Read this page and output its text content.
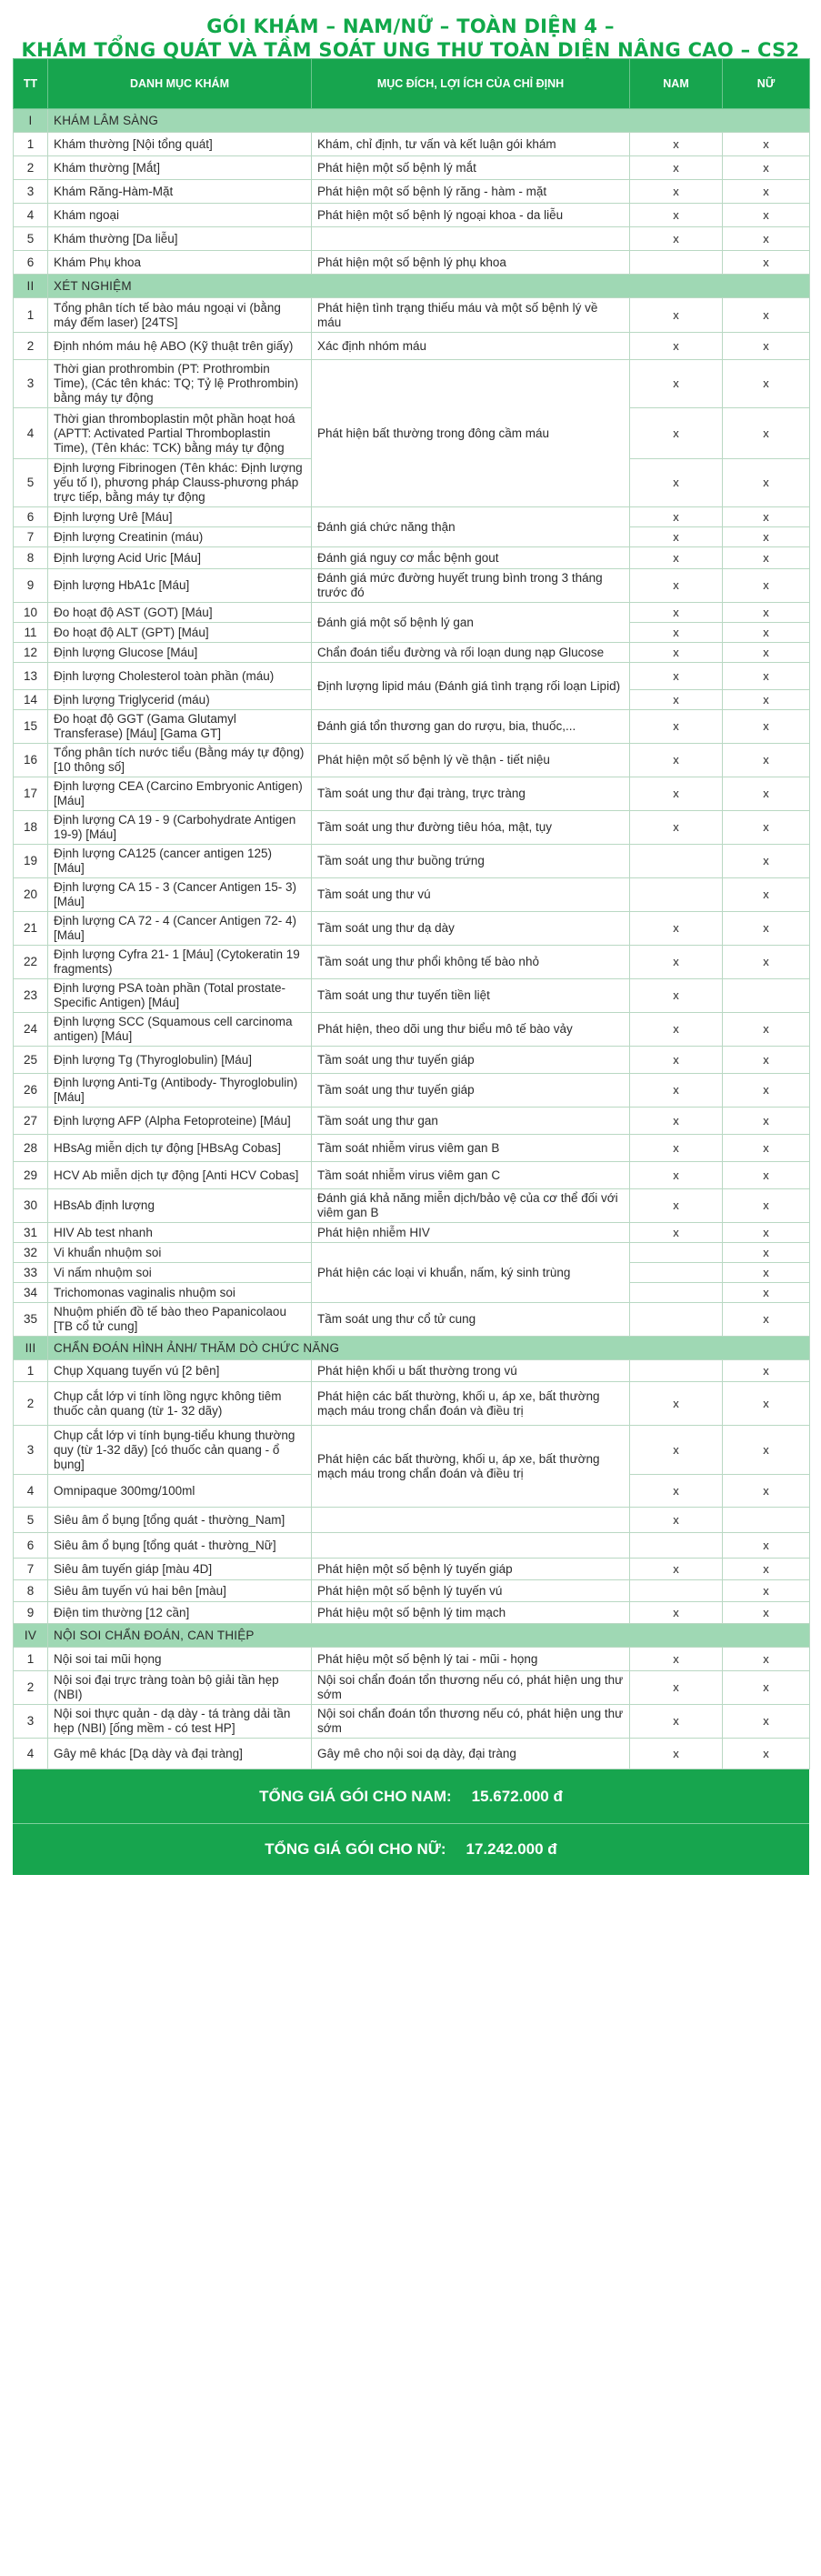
GÓI KHÁM – NAM/NỮ – TOÀN DIỆN 4 –
KHÁM TỔNG QUÁT VÀ TẦM SOÁT UNG THƯ TOÀN DIỆN NÂNG CAO – CS2
TT	DANH MỤC KHÁM	MỤC ĐÍCH, LỢI ÍCH CỦA CHỈ ĐỊNH	NAM	NỮ
I	KHÁM LÂM SÀNG			
1	Khám thường [Nội tổng quát]	Khám, chỉ định, tư vấn và kết luận gói khám	x	x
2	Khám thường [Mắt]	Phát hiện một số bệnh lý mắt	x	x
3	Khám Răng-Hàm-Mặt	Phát hiện một số bệnh lý răng - hàm - mặt	x	x
4	Khám ngoại	Phát hiện một số bệnh lý ngoại khoa - da liễu	x	x
5	Khám thường [Da liễu]		x	x
6	Khám Phụ khoa	Phát hiện một số bệnh lý phụ khoa		x
II	XÉT NGHIỆM			
1	Tổng phân tích tế bào máu ngoại vi (bằng máy đếm laser) [24TS]	Phát hiện tình trạng thiếu máu và một số bệnh lý về máu	x	x
2	Định nhóm máu hệ ABO (Kỹ thuật trên giấy)	Xác định nhóm máu	x	x
3	Thời gian prothrombin (PT: Prothrombin Time), (Các tên khác: TQ; Tỷ lệ Prothrombin) bằng máy tự động	Phát hiện bất thường trong đông cầm máu	x	x
4	Thời gian thromboplastin một phần hoạt hoá (APTT: Activated Partial Thromboplastin Time), (Tên khác: TCK) bằng máy tự động		x	x
5	Định lượng Fibrinogen (Tên khác: Định lượng yếu tố I), phương pháp Clauss-phương pháp trực tiếp, bằng máy tự động		x	x
6	Định lượng Urê [Máu]	Đánh giá chức năng thận	x	x
7	Định lượng Creatinin (máu)		x	x
8	Định lượng Acid Uric [Máu]	Đánh giá nguy cơ mắc bệnh gout	x	x
9	Định lượng HbA1c [Máu]	Đánh giá mức đường huyết trung bình trong 3 tháng trước đó	x	x
10	Đo hoạt độ AST (GOT) [Máu]	Đánh giá một số bệnh lý gan	x	x
11	Đo hoạt độ ALT (GPT) [Máu]		x	x
12	Định lượng Glucose [Máu]	Chẩn đoán tiểu đường và rối loạn dung nạp Glucose	x	x
13	Định lượng Cholesterol toàn phần (máu)	Định lượng lipid máu (Đánh giá tình trạng rối loạn Lipid)	x	x
14	Định lượng Triglycerid (máu)		x	x
15	Đo hoạt độ GGT (Gama Glutamyl Transferase) [Máu] [Gama GT]	Đánh giá tổn thương gan do rượu, bia, thuốc,...	x	x
16	Tổng phân tích nước tiểu (Bằng máy tự động) [10 thông số]	Phát hiện một số bệnh lý về thận - tiết niệu	x	x
17	Định lượng CEA (Carcino Embryonic Antigen) [Máu]	Tầm soát ung thư đại tràng, trực tràng	x	x
18	Định lượng CA 19 - 9 (Carbohydrate Antigen 19-9) [Máu]	Tầm soát ung thư đường tiêu hóa, mật, tụy	x	x
19	Định lượng CA125 (cancer antigen 125) [Máu]	Tầm soát ung thư buồng trứng		x
20	Định lượng CA 15 - 3 (Cancer Antigen 15- 3) [Máu]	Tầm soát ung thư vú		x
21	Định lượng CA 72 - 4 (Cancer Antigen 72- 4) [Máu]	Tầm soát ung thư dạ dày	x	x
22	Định lượng Cyfra 21- 1 [Máu] (Cytokeratin 19 fragments)	Tầm soát ung thư phổi không tế bào nhỏ	x	x
23	Định lượng PSA toàn phần (Total prostate-Specific Antigen) [Máu]	Tầm soát ung thư tuyến tiền liệt	x	
24	Định lượng SCC (Squamous cell carcinoma antigen) [Máu]	Phát hiện, theo dõi ung thư biểu mô tế bào vảy	x	x
25	Định lượng Tg (Thyroglobulin) [Máu]	Tầm soát ung thư tuyến giáp	x	x
26	Định lượng Anti-Tg (Antibody- Thyroglobulin) [Máu]	Tầm soát ung thư tuyến giáp	x	x
27	Định lượng AFP (Alpha Fetoproteine) [Máu]	Tầm soát ung thư gan	x	x
28	HBsAg miễn dịch tự động [HBsAg Cobas]	Tầm soát nhiễm virus viêm gan B	x	x
29	HCV Ab miễn dịch tự động [Anti HCV Cobas]	Tầm soát nhiễm virus viêm gan C	x	x
30	HBsAb định lượng	Đánh giá khả năng miễn dịch/bảo vệ của cơ thể đối với viêm gan B	x	x
31	HIV Ab test nhanh	Phát hiện nhiễm HIV	x	x
32	Vi khuẩn nhuộm soi	Phát hiện các loại vi khuẩn, nấm, ký sinh trùng		x
33	Vi nấm nhuộm soi			x
34	Trichomonas vaginalis nhuộm soi			x
35	Nhuộm phiến đồ tế bào theo Papanicolaou [TB cổ tử cung]	Tầm soát ung thư cổ tử cung		x
III	CHẨN ĐOÁN HÌNH ẢNH/ THĂM DÒ CHỨC NĂNG			
1	Chụp Xquang tuyến vú [2 bên]	Phát hiện khối u bất thường trong vú		x
2	Chụp cắt lớp vi tính lồng ngực không tiêm thuốc cản quang (từ 1- 32 dãy)	Phát hiện các bất thường, khối u, áp xe, bất thường mạch máu trong chẩn đoán và điều trị	x	x
3	Chụp cắt lớp vi tính bụng-tiểu khung thường quy (từ 1-32 dãy) [có thuốc cản quang - ổ bụng]	Phát hiện các bất thường, khối u, áp xe, bất thường mạch máu trong chẩn đoán và điều trị	x	x
4	Omnipaque 300mg/100ml		x	x
5	Siêu âm ổ bụng [tổng quát - thường_Nam]		x	
6	Siêu âm ổ bụng [tổng quát - thường_Nữ]			x
7	Siêu âm tuyến giáp [màu 4D]	Phát hiện một số bệnh lý tuyến giáp	x	x
8	Siêu âm tuyến vú hai bên [màu]	Phát hiện một số bệnh lý tuyến vú		x
9	Điện tim thường [12 cần]	Phát hiệu một số bệnh lý tim mạch	x	x
IV	NỘI SOI CHẨN ĐOÁN, CAN THIỆP			
1	Nội soi tai mũi họng	Phát hiệu một số bệnh lý tai - mũi - họng	x	x
2	Nội soi đại trực tràng toàn bộ giải tần hẹp (NBI)	Nội soi chẩn đoán tổn thương nếu có, phát hiện ung thư sớm	x	x
3	Nội soi thực quản - dạ dày - tá tràng dải tần hẹp (NBI) [ống mềm - có test HP]	Nội soi chẩn đoán tổn thương nếu có, phát hiện ung thư sớm	x	x
4	Gây mê khác [Dạ dày và đại tràng]	Gây mê cho nội soi dạ dày, đại tràng	x	x
TỔNG GIÁ GÓI CHO NAM: 15.672.000 đ
TỔNG GIÁ GÓI CHO NỮ: 17.242.000 đ
